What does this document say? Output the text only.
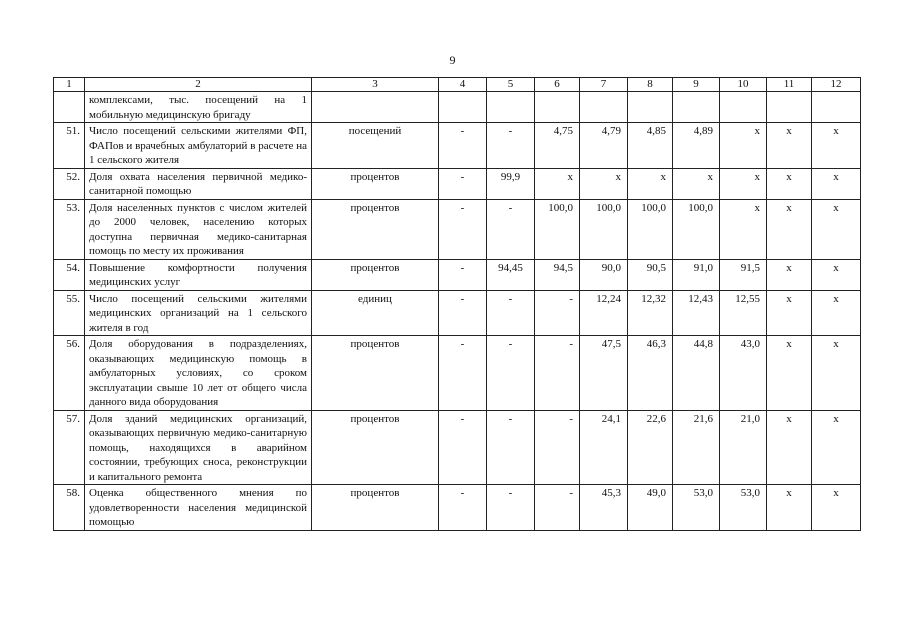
9
1	2	3	4	5	6	7	8	9	10	11	12
	комплексами, тыс. посещений на 1 мобильную медицинскую бригаду										
51.	Число посещений сельскими жителями ФП, ФАПов и врачебных амбулаторий в расчете на 1 сельского жителя	посещений	-	-	4,75	4,79	4,85	4,89	х	х	х
52.	Доля охвата населения первичной медико-санитарной помощью	процентов	-	99,9	х	х	х	х	х	х	х
53.	Доля населенных пунктов с числом жителей до 2000 человек, населению которых доступна первичная медико-санитарная помощь по месту их проживания	процентов	-	-	100,0	100,0	100,0	100,0	х	х	х
54.	Повышение комфортности получения медицинских услуг	процентов	-	94,45	94,5	90,0	90,5	91,0	91,5	х	х
55.	Число посещений сельскими жителями медицинских организаций на 1 сельского жителя в год	единиц	-	-	-	12,24	12,32	12,43	12,55	х	х
56.	Доля оборудования в подразделениях, оказывающих медицинскую помощь в амбулаторных условиях, со сроком эксплуатации свыше 10 лет от общего числа данного вида оборудования	процентов	-	-	-	47,5	46,3	44,8	43,0	х	х
57.	Доля зданий медицинских организаций, оказывающих первичную медико-санитарную помощь, находящихся в аварийном состоянии, требующих сноса, реконструкции и капитального ремонта	процентов	-	-	-	24,1	22,6	21,6	21,0	х	х
58.	Оценка общественного мнения по удовлетворенности населения медицинской помощью	процентов	-	-	-	45,3	49,0	53,0	53,0	х	х
